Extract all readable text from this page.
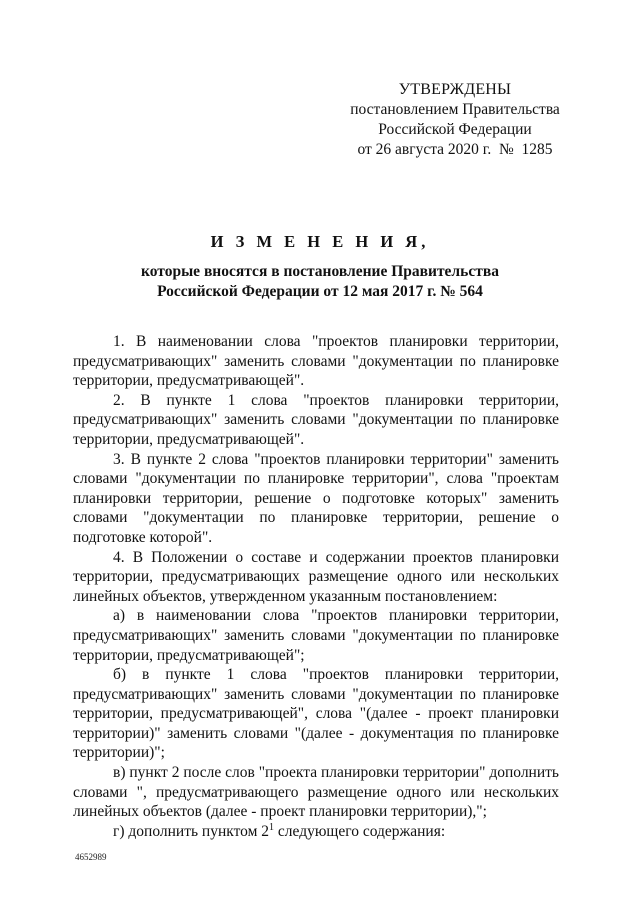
УТВЕРЖДЕНЫ
постановлением Правительства
Российской Федерации
от 26 августа 2020 г.  №  1285
И З М Е Н Е Н И Я,
которые вносятся в постановление Правительства
Российской Федерации от 12 мая 2017 г. № 564

1. В наименовании слова "проектов планировки территории, предусматривающих" заменить словами "документации по планировке территории, предусматривающей".

2. В пункте 1 слова "проектов планировки территории, предусматривающих" заменить словами "документации по планировке территории, предусматривающей".

3. В пункте 2 слова "проектов планировки территории" заменить словами "документации по планировке территории", слова "проектам планировки территории, решение о подготовке которых" заменить словами "документации по планировке территории, решение о подготовке которой".

4. В Положении о составе и содержании проектов планировки территории, предусматривающих размещение одного или нескольких линейных объектов, утвержденном указанным постановлением:

а) в наименовании слова "проектов планировки территории, предусматривающих" заменить словами "документации по планировке территории, предусматривающей";

б) в пункте 1 слова "проектов планировки территории, предусматривающих" заменить словами "документации по планировке территории, предусматривающей", слова "(далее - проект планировки территории)" заменить словами "(далее - документация по планировке территории)";

в) пункт 2 после слов "проекта планировки территории" дополнить словами ", предусматривающего размещение одного или нескольких линейных объектов (далее - проект планировки территории),";

г) дополнить пунктом $2^1$ следующего содержания:

4652989
